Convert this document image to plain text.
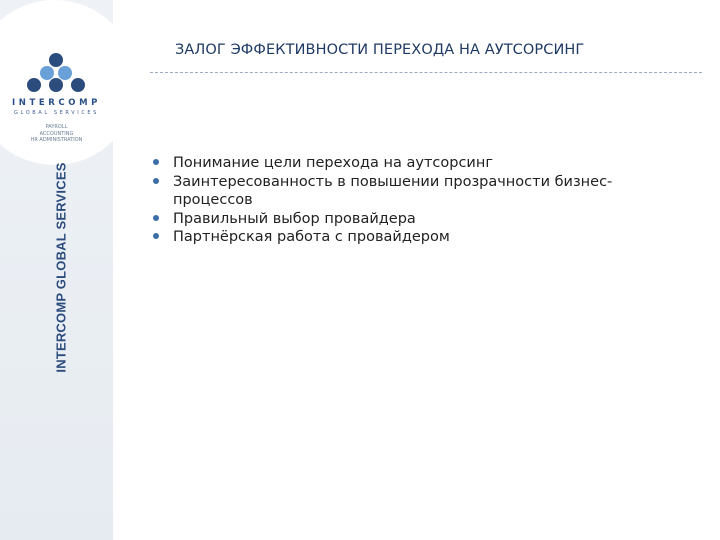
INTERCOMP
GLOBAL SERVICES
PAYROLL
ACCOUNTING
HR ADMINISTRATION
INTERCOMP GLOBAL SERVICES
ЗАЛОГ ЭФФЕКТИВНОСТИ ПЕРЕХОДА НА АУТСОРСИНГ
Понимание цели перехода на аутсорсинг
Заинтересованность в повышении прозрачности бизнес-процессов
Правильный выбор провайдера
Партнёрская работа с провайдером
